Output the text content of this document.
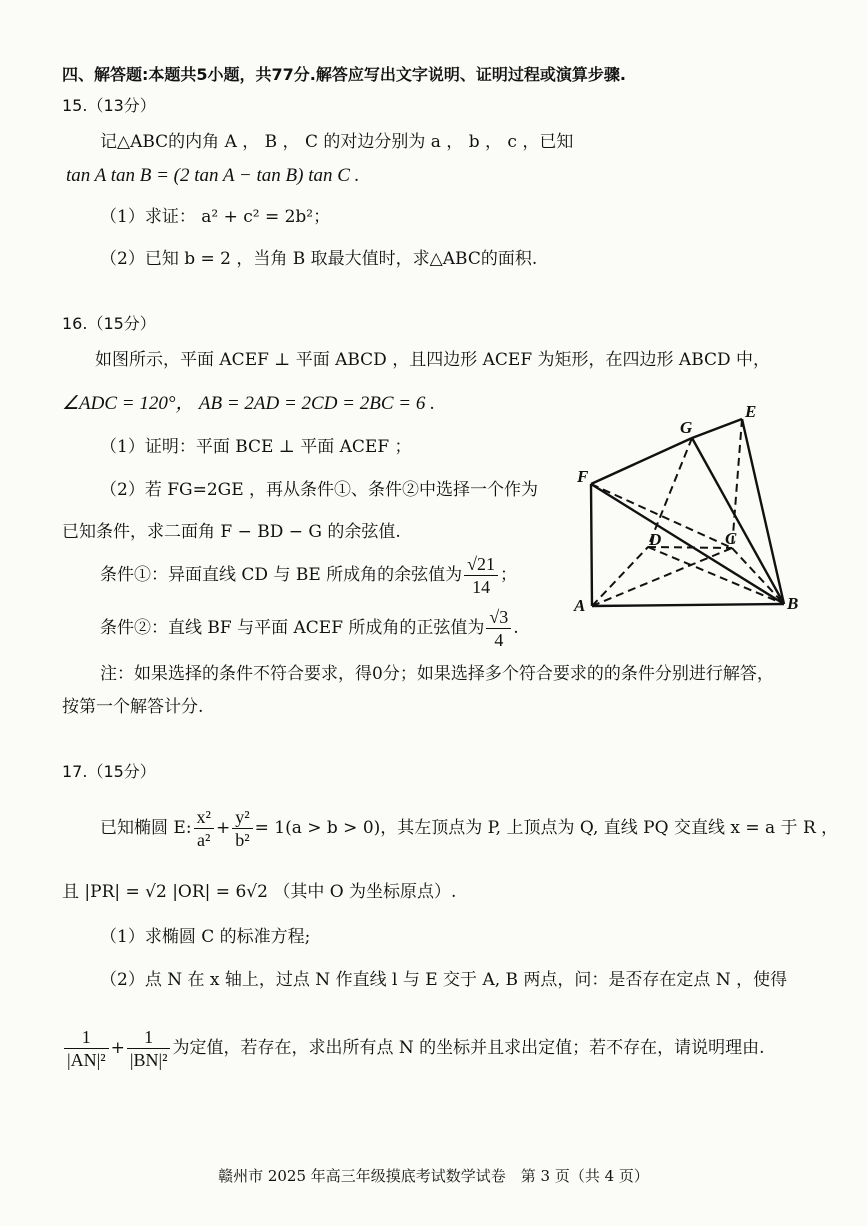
四、解答题:本题共5小题，共77分.解答应写出文字说明、证明过程或演算步骤.
15.（13分）
记△ABC的内角 A ， B ， C 的对边分别为 a ， b ， c ，已知
tan A tan B = (2 tan A − tan B) tan C .
（1）求证： a² + c² = 2b²；
（2）已知 b = 2 ，当角 B 取最大值时，求△ABC的面积.
16.（15分）
如图所示，平面 ACEF ⊥ 平面 ABCD ，且四边形 ACEF 为矩形，在四边形 ABCD 中，
∠ADC = 120°， AB = 2AD = 2CD = 2BC = 6 .
（1）证明：平面 BCE ⊥ 平面 ACEF ；
（2）若 FG=2GE ，再从条件①、条件②中选择一个作为
已知条件，求二面角 F − BD − G 的余弦值.
条件①：异面直线 CD 与 BE 所成角的余弦值为 $\frac{√21}{14}$ ；
条件②：直线 BF 与平面 ACEF 所成角的正弦值为 $\frac{√3}{4}$ .
注：如果选择的条件不符合要求，得0分；如果选择多个符合要求的的条件分别进行解答，
按第一个解答计分.
E
G
F
D	C
A	B
17.（15分）
已知椭圆 E: $\frac{\text{x²}}{\text{a²}} + \frac{\text{y²}}{\text{b²}} = 1(a > b > 0)$，其左顶点为 P, 上顶点为 Q, 直线 PQ 交直线 x = a 于 R ，
且 |PR| = √2 |OR| = 6√2 （其中 O 为坐标原点）.
（1）求椭圆 C 的标准方程;
（2）点 N 在 x 轴上，过点 N 作直线 l 与 E 交于 A, B 两点，问：是否存在定点 N ，使得
$\frac{1}{\text{|AN|²}} + \frac{1}{\text{|BN|²}}$ 为定值，若存在，求出所有点 N 的坐标并且求出定值；若不存在，请说明理由.
赣州市 2025 年高三年级摸底考试数学试卷　第 3 页（共 4 页）
